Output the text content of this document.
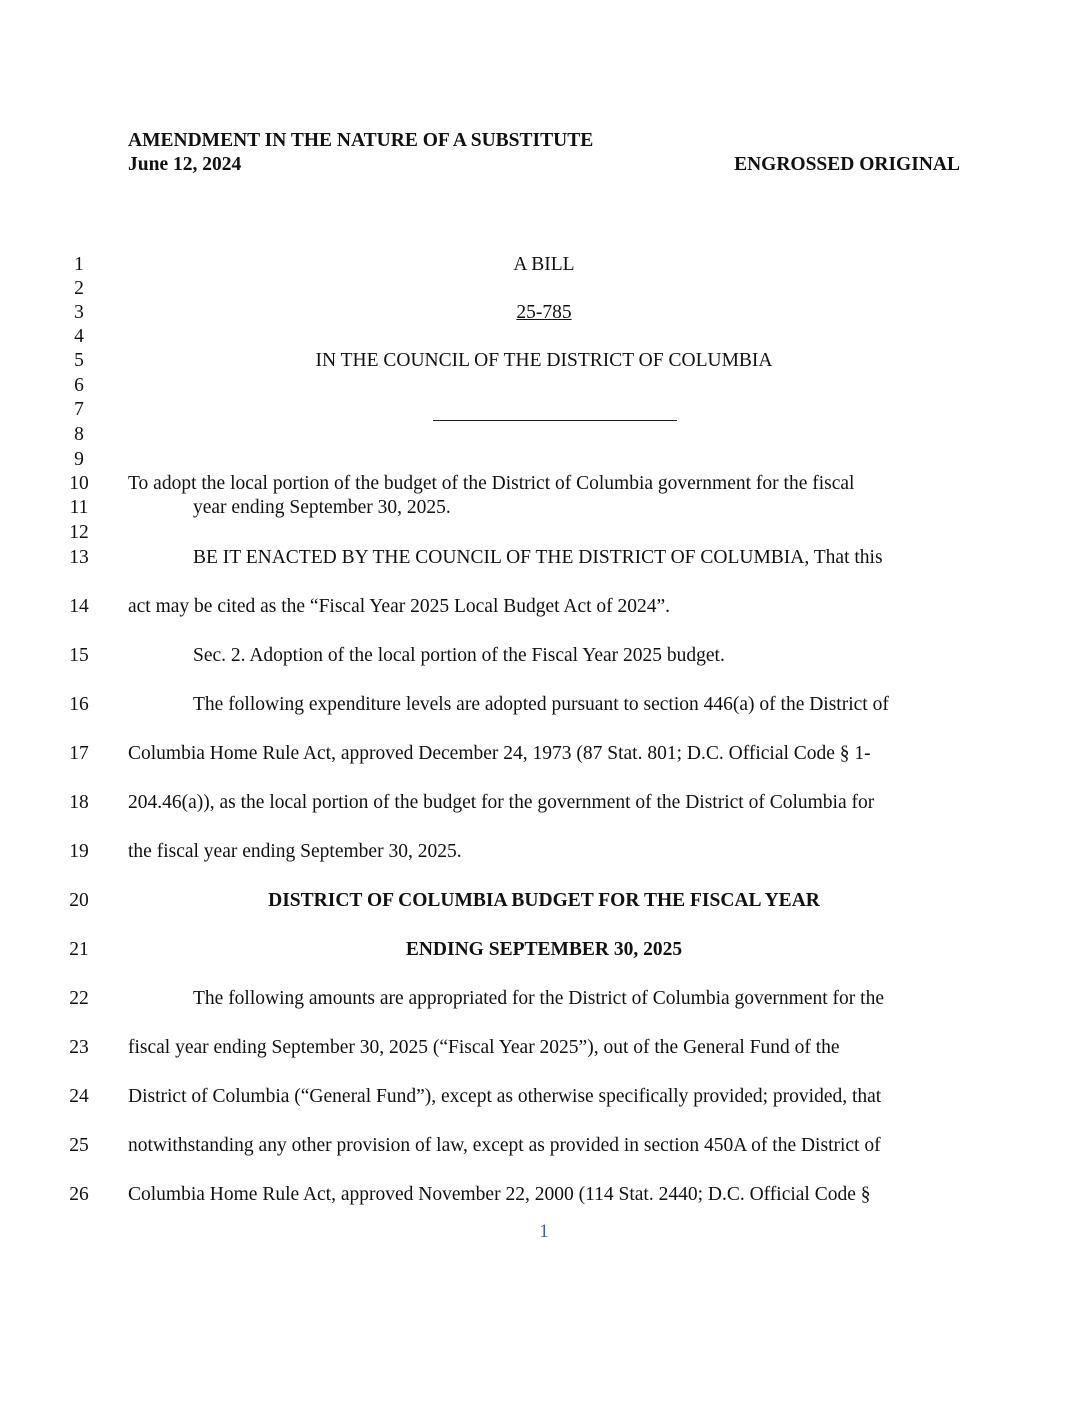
AMENDMENT IN THE NATURE OF A SUBSTITUTE
June 12, 2024	ENGROSSED ORIGINAL
1
2
3
4
5
6
7
8
9
10
11
12
13
14
15
16
17
18
19
20
21
22
23
24
25
26
A BILL
25-785
IN THE COUNCIL OF THE DISTRICT OF COLUMBIA
To adopt the local portion of the budget of the District of Columbia government for the fiscal
year ending September 30, 2025.
BE IT ENACTED BY THE COUNCIL OF THE DISTRICT OF COLUMBIA, That this
act may be cited as the “Fiscal Year 2025 Local Budget Act of 2024”.
Sec. 2. Adoption of the local portion of the Fiscal Year 2025 budget.
The following expenditure levels are adopted pursuant to section 446(a) of the District of
Columbia Home Rule Act, approved December 24, 1973 (87 Stat. 801; D.C. Official Code § 1-
204.46(a)), as the local portion of the budget for the government of the District of Columbia for
the fiscal year ending September 30, 2025.
DISTRICT OF COLUMBIA BUDGET FOR THE FISCAL YEAR
ENDING SEPTEMBER 30, 2025
The following amounts are appropriated for the District of Columbia government for the
fiscal year ending September 30, 2025 (“Fiscal Year 2025”), out of the General Fund of the
District of Columbia (“General Fund”), except as otherwise specifically provided; provided, that
notwithstanding any other provision of law, except as provided in section 450A of the District of
Columbia Home Rule Act, approved November 22, 2000 (114 Stat. 2440; D.C. Official Code §
1
